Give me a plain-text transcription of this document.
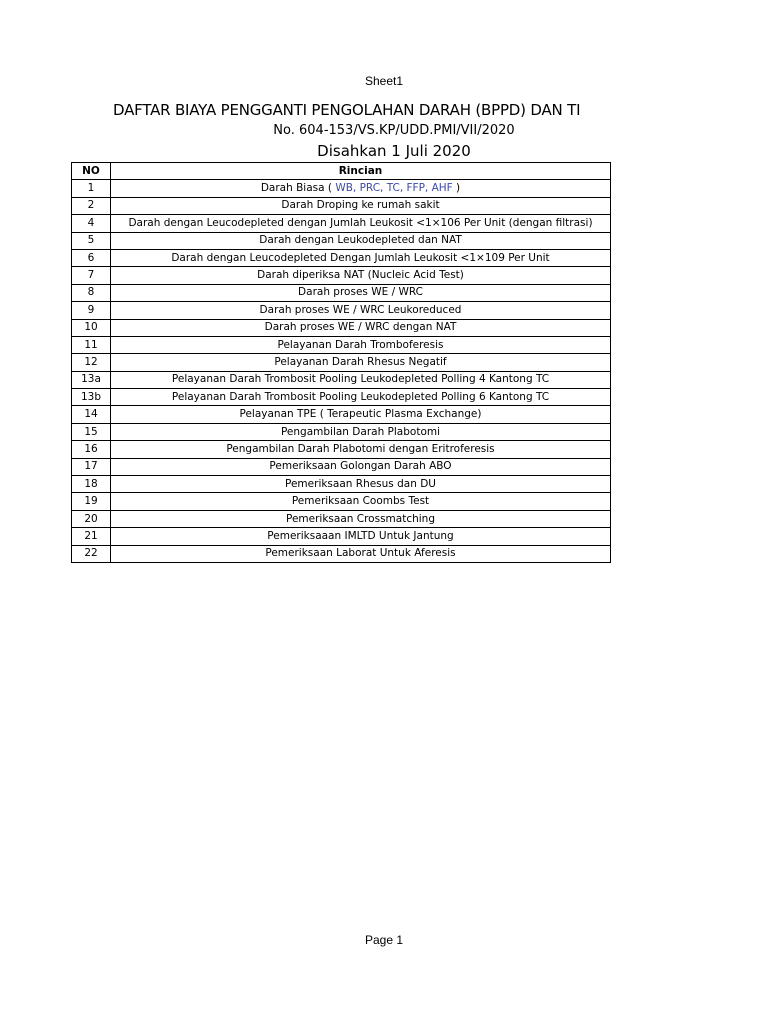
Sheet1
DAFTAR BIAYA PENGGANTI PENGOLAHAN DARAH (BPPD) DAN TI
No. 604-153/VS.KP/UDD.PMI/VII/2020
Disahkan 1 Juli 2020
NO	Rincian
1	Darah Biasa ( WB, PRC, TC, FFP, AHF )
2	Darah Droping ke rumah sakit
4	Darah dengan Leucodepleted dengan Jumlah Leukosit <1×106 Per Unit (dengan filtrasi)
5	Darah dengan Leukodepleted dan NAT
6	Darah dengan Leucodepleted Dengan Jumlah Leukosit <1×109 Per Unit
7	Darah diperiksa NAT (Nucleic Acid Test)
8	Darah proses WE / WRC
9	Darah proses WE / WRC Leukoreduced
10	Darah proses WE / WRC dengan NAT
11	Pelayanan Darah Tromboferesis
12	Pelayanan Darah Rhesus Negatif
13a	Pelayanan Darah Trombosit Pooling Leukodepleted Polling 4 Kantong TC
13b	Pelayanan Darah Trombosit Pooling Leukodepleted Polling 6 Kantong TC
14	Pelayanan TPE ( Terapeutic Plasma Exchange)
15	Pengambilan Darah Plabotomi
16	Pengambilan Darah Plabotomi dengan Eritroferesis
17	Pemeriksaan Golongan Darah ABO
18	Pemeriksaan Rhesus dan DU
19	Pemeriksaan Coombs Test
20	Pemeriksaan Crossmatching
21	Pemeriksaaan IMLTD Untuk Jantung
22	Pemeriksaan Laborat Untuk Aferesis
Page 1
